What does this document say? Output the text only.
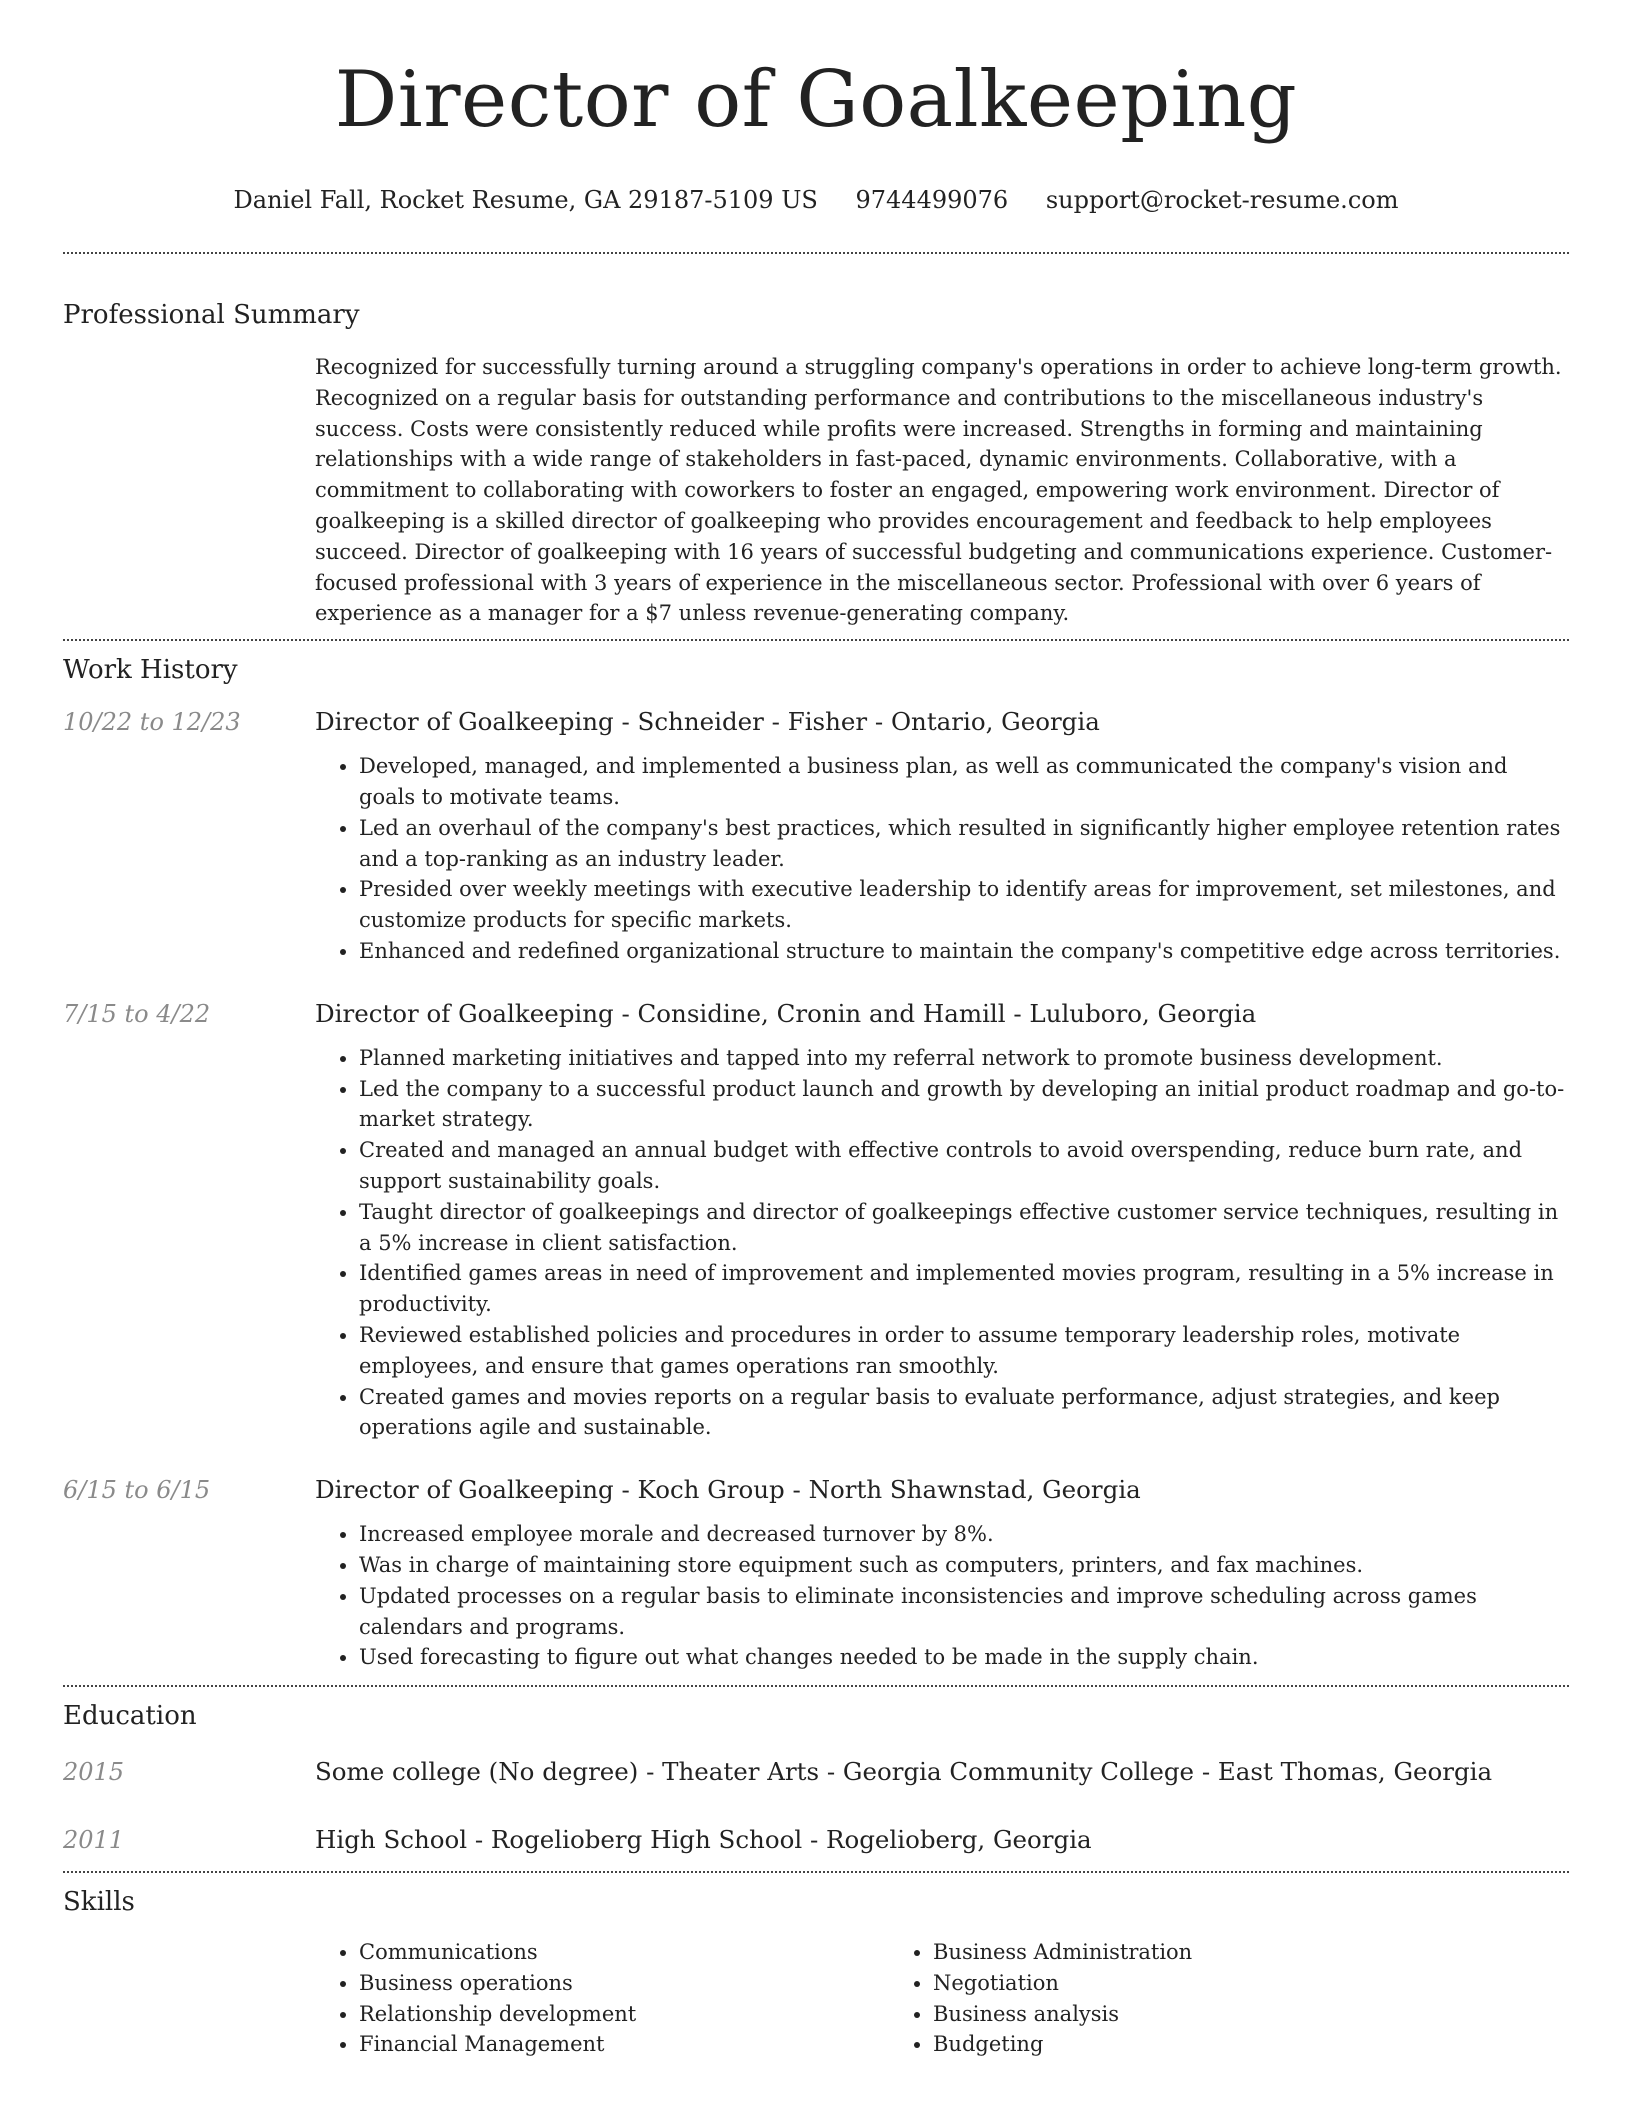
Director of Goalkeeping
Daniel Fall, Rocket Resume, GA 29187-5109 US 9744499076 support@rocket-resume.com
Professional Summary
Recognized for successfully turning around a struggling company's operations in order to achieve long-term growth. Recognized on a regular basis for outstanding performance and contributions to the miscellaneous industry's success. Costs were consistently reduced while profits were increased. Strengths in forming and maintaining relationships with a wide range of stakeholders in fast-paced, dynamic environments. Collaborative, with a commitment to collaborating with coworkers to foster an engaged, empowering work environment. Director of goalkeeping is a skilled director of goalkeeping who provides encouragement and feedback to help employees succeed. Director of goalkeeping with 16 years of successful budgeting and communications experience. Customer-focused professional with 3 years of experience in the miscellaneous sector. Professional with over 6 years of experience as a manager for a $7 unless revenue-generating company.
Work History
10/22 to 12/23	Director of Goalkeeping - Schneider - Fisher - Ontario, Georgia
• Developed, managed, and implemented a business plan, as well as communicated the company's vision and goals to motivate teams.
• Led an overhaul of the company's best practices, which resulted in significantly higher employee retention rates and a top-ranking as an industry leader.
• Presided over weekly meetings with executive leadership to identify areas for improvement, set milestones, and customize products for specific markets.
• Enhanced and redefined organizational structure to maintain the company's competitive edge across territories.
7/15 to 4/22	Director of Goalkeeping - Considine, Cronin and Hamill - Luluboro, Georgia
• Planned marketing initiatives and tapped into my referral network to promote business development.
• Led the company to a successful product launch and growth by developing an initial product roadmap and go-to-market strategy.
• Created and managed an annual budget with effective controls to avoid overspending, reduce burn rate, and support sustainability goals.
• Taught director of goalkeepings and director of goalkeepings effective customer service techniques, resulting in a 5% increase in client satisfaction.
• Identified games areas in need of improvement and implemented movies program, resulting in a 5% increase in productivity.
• Reviewed established policies and procedures in order to assume temporary leadership roles, motivate employees, and ensure that games operations ran smoothly.
• Created games and movies reports on a regular basis to evaluate performance, adjust strategies, and keep operations agile and sustainable.
6/15 to 6/15	Director of Goalkeeping - Koch Group - North Shawnstad, Georgia
• Increased employee morale and decreased turnover by 8%.
• Was in charge of maintaining store equipment such as computers, printers, and fax machines.
• Updated processes on a regular basis to eliminate inconsistencies and improve scheduling across games calendars and programs.
• Used forecasting to figure out what changes needed to be made in the supply chain.
Education
2015	Some college (No degree) - Theater Arts - Georgia Community College - East Thomas, Georgia
2011	High School - Rogelioberg High School - Rogelioberg, Georgia
Skills
• Communications
• Business operations
• Relationship development
• Financial Management
• Business Administration
• Negotiation
• Business analysis
• Budgeting
